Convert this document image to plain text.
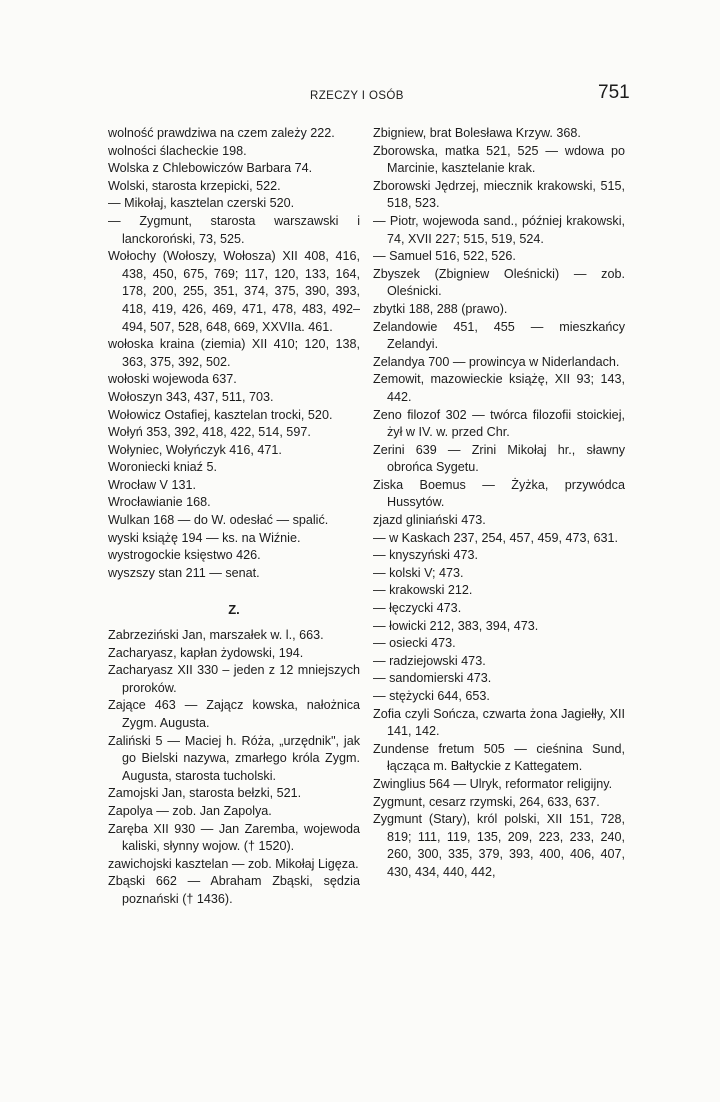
RZECZY I OSÓB	751
wolność prawdziwa na czem zależy 222.
wolności ślacheckie 198.
Wolska z Chlebowiczów Barbara 74.
Wolski, starosta krzepicki, 522.
— Mikołaj, kasztelan czerski 520.
— Zygmunt, starosta warszawski i lanckoroński, 73, 525.
Wołochy (Wołoszy, Wołosza) XII 408, 416, 438, 450, 675, 769; 117, 120, 133, 164, 178, 200, 255, 351, 374, 375, 390, 393, 418, 419, 426, 469, 471, 478, 483, 492–494, 507, 528, 648, 669, XXVIIa. 461.
wołoska kraina (ziemia) XII 410; 120, 138, 363, 375, 392, 502.
wołoski wojewoda 637.
Wołoszyn 343, 437, 511, 703.
Wołowicz Ostafiej, kasztelan trocki, 520.
Wołyń 353, 392, 418, 422, 514, 597.
Wołyniec, Wołyńczyk 416, 471.
Woroniecki kniaź 5.
Wrocław V 131.
Wrocławianie 168.
Wulkan 168 — do W. odesłać — spalić.
wyski książę 194 — ks. na Wiźnie.
wystrogockie księstwo 426.
wyszszy stan 211 — senat.
Z.
Zabrzeziński Jan, marszałek w. l., 663.
Zacharyasz, kapłan żydowski, 194.
Zacharyasz XII 330 – jeden z 12 mniejszych proroków.
Zające 463 — Zającz kowska, nałożnica Zygm. Augusta.
Zaliński 5 — Maciej h. Róża, „urzędnik", jak go Bielski nazywa, zmarłego króla Zygm. Augusta, starosta tucholski.
Zamojski Jan, starosta bełzki, 521.
Zapolya — zob. Jan Zapolya.
Zaręba XII 930 — Jan Zaremba, wojewoda kaliski, słynny wojow. († 1520).
zawichojski kasztelan — zob. Mikołaj Ligęza.
Zbąski 662 — Abraham Zbąski, sędzia poznański († 1436).
Zbigniew, brat Bolesława Krzyw. 368.
Zborowska, matka 521, 525 — wdowa po Marcinie, kasztelanie krak.
Zborowski Jędrzej, miecznik krakowski, 515, 518, 523.
— Piotr, wojewoda sand., później krakowski, 74, XVII 227; 515, 519, 524.
— Samuel 516, 522, 526.
Zbyszek (Zbigniew Oleśnicki) — zob. Oleśnicki.
zbytki 188, 288 (prawo).
Zelandowie 451, 455 — mieszkańcy Zelandyi.
Zelandya 700 — prowincya w Niderlandach.
Zemowit, mazowieckie książę, XII 93; 143, 442.
Zeno filozof 302 — twórca filozofii stoickiej, żył w IV. w. przed Chr.
Zerini 639 — Zrini Mikołaj hr., sławny obrońca Sygetu.
Ziska Boemus — Żyżka, przywódca Hussytów.
zjazd gliniański 473.
— w Kaskach 237, 254, 457, 459, 473, 631.
— knyszyński 473.
— kolski V; 473.
— krakowski 212.
— łęczycki 473.
— łowicki 212, 383, 394, 473.
— osiecki 473.
— radziejowski 473.
— sandomierski 473.
— stężycki 644, 653.
Zofia czyli Sończa, czwarta żona Jagiełły, XII 141, 142.
Zundense fretum 505 — cieśnina Sund, łącząca m. Bałtyckie z Kattegatem.
Zwinglius 564 — Ulryk, reformator religijny.
Zygmunt, cesarz rzymski, 264, 633, 637.
Zygmunt (Stary), król polski, XII 151, 728, 819; 111, 119, 135, 209, 223, 233, 240, 260, 300, 335, 379, 393, 400, 406, 407, 430, 434, 440, 442,
